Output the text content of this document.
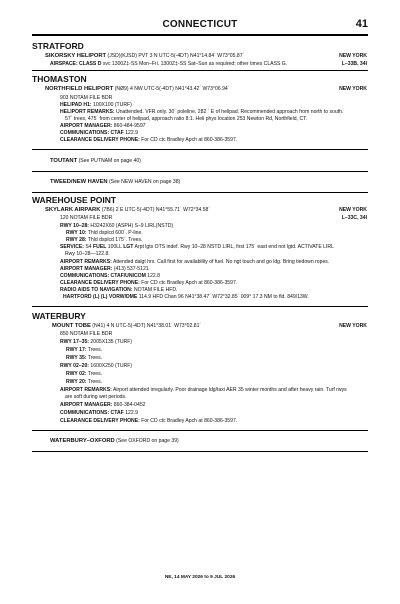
CONNECTICUT	41
STRATFORD
SIKORSKY HELIPORT (JSD)(KJSD) PVT 3 N UTC-5(-4DT) N41°14.84´ W73°05.87´	NEW YORK
AIRSPACE: CLASS D svc 1300Z‡-SS Mon–Fri, 1300Z‡-SS Sat–Sun as required; other times CLASS G.	L–33B, 34I
THOMASTON
NORTHFIELD HELIPORT (NØ9) 4 NW UTC-5(-4DT) N41°43.42´ W73°06.94´	NEW YORK
903 NOTAM FILE BDR
HELIPAD H1: 100X100 (TURF)
HELIPORT REMARKS: Unattended. VFR only. 30´ poleline, 282 ´ E of helipad. Recommended approach from north to south.
57´ trees, 475´ from center of helipad, approach ratio 8:1. Heli phys location 253 Newton Rd, Northfield, CT.
AIRPORT MANAGER: 860-484-9597
COMMUNICATIONS: CTAF 122.9
CLEARANCE DELIVERY PHONE: For CD ctc Bradley Apch at 860-386-3597.
TOUTANT (See PUTNAM on page 40)
TWEED/NEW HAVEN (See NEW HAVEN on page 38)
WAREHOUSE POINT
SKYLARK AIRPARK (7B6) 2 E UTC-5(-4DT) N41°55.71´ W72°34.58´	NEW YORK
120 NOTAM FILE BDR	L–33C, 34I
RWY 10–28: H3242X60 (ASPH) S–9 LIRL(NSTD)
RWY 10: Thld dsplcd 600´. P-line.
RWY 28: Thld dsplcd 175´. Trees.
SERVICE: S4 FUEL 100LL LGT Arpt lgts OTS indef. Rwy 10–28 NSTD LIRL, first 175´ east end not lgtd. ACTIVATE LIRL
Rwy 10–28—122.8.
AIRPORT REMARKS: Attended dalgt hrs. Call first for availability of fuel. No ngt touch and go ldg. Bring tiedown ropes.
AIRPORT MANAGER: (413) 537-5121
COMMUNICATIONS: CTAF/UNICOM 122.8
CLEARANCE DELIVERY PHONE: For CD ctc Bradley Apch at 860-386-3597.
RADIO AIDS TO NAVIGATION: NOTAM FILE HFD.
HARTFORD (L) (L) VORW/DME 114.9 HFD Chan 96 N41°38.47´ W72°32.85´ 009° 17.3 NM to fld. 849/13W.
WATERBURY
MOUNT TOBE (N41) 4 N UTC-5(-4DT) N41°38.01´ W73°02.81´	NEW YORK
850 NOTAM FILE BDR
RWY 17–35: 2005X135 (TURF)
RWY 17: Trees.
RWY 35: Trees.
RWY 02–20: 1600X250 (TURF)
RWY 02: Trees.
RWY 20: Trees.
AIRPORT REMARKS: Airport attended irregularly. Poor drainage ldg/taxi AER 35 winter months and after heavy rain. Turf rwys
are soft during wet periods.
AIRPORT MANAGER: 860-384-0452
COMMUNICATIONS: CTAF 122.9
CLEARANCE DELIVERY PHONE: For CD ctc Bradley Apch at 860-386-3597.
WATERBURY–OXFORD (See OXFORD on page 39)
NE, 14 MAY 2026 to 9 JUL 2026
